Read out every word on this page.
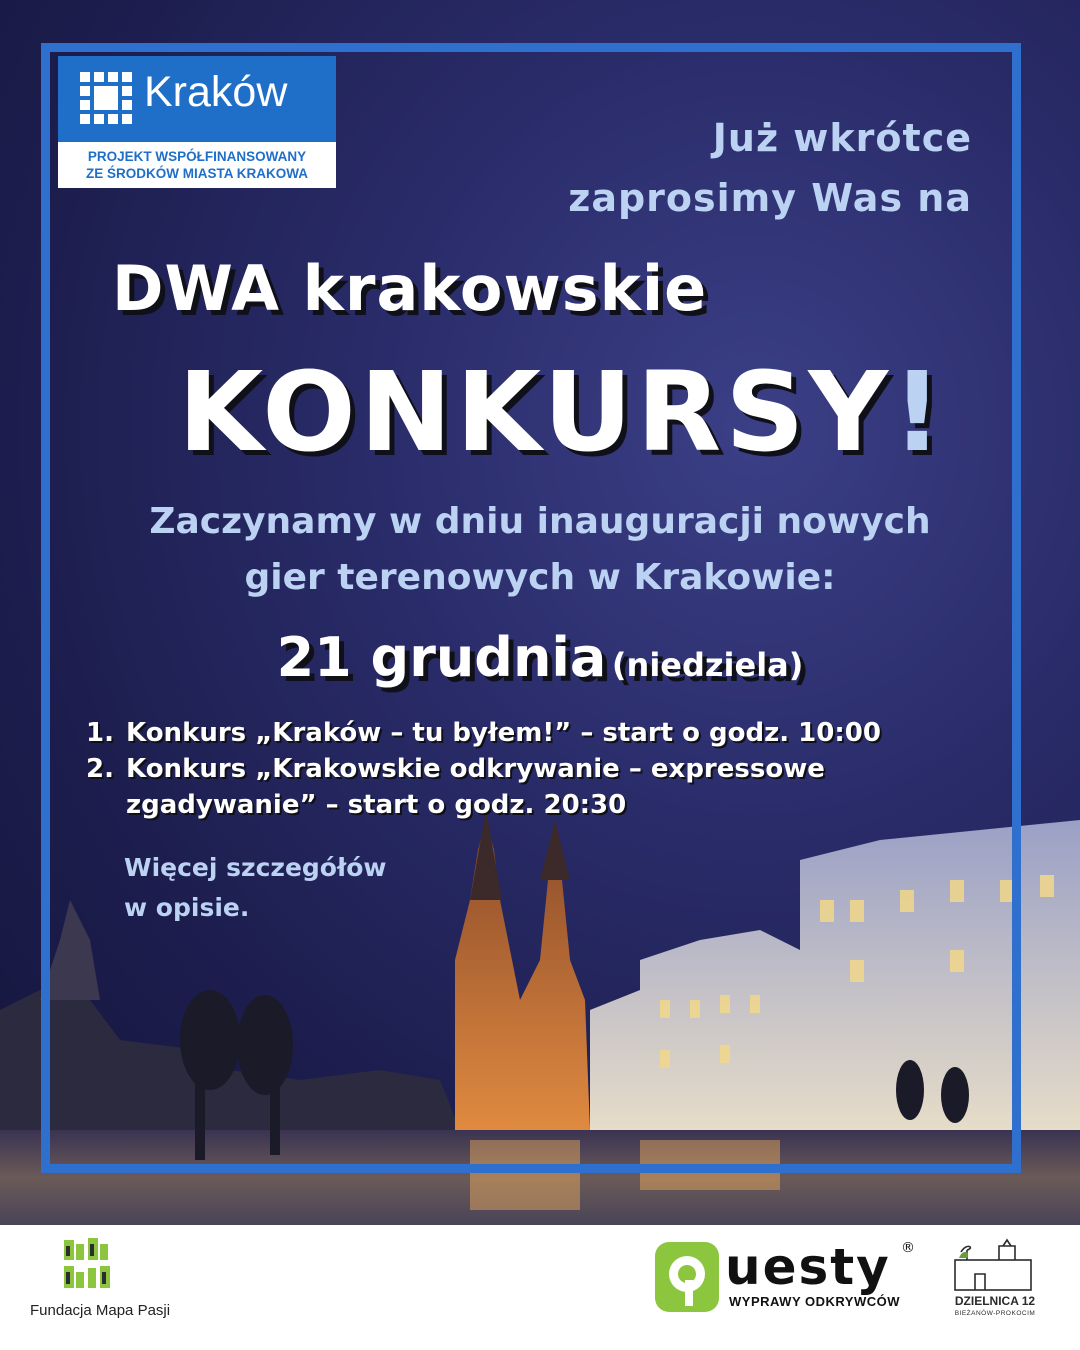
Kraków
PROJEKT WSPÓŁFINANSOWANY
ZE ŚRODKÓW MIASTA KRAKOWA
Już wkrótce
zaprosimy Was na
DWA krakowskie
KONKURSY!
Zaczynamy w dniu inauguracji nowych
gier terenowych w Krakowie:
21 grudnia (niedziela)
1. Konkurs „Kraków – tu byłem!” – start o godz. 10:00
2. Konkurs „Krakowskie odkrywanie – expressowe zgadywanie” – start o godz. 20:30
Więcej szczegółów
w opisie.
Fundacja Mapa Pasji
uesty ®
WYPRAWY ODKRYWCÓW	DZIELNICA 12
BIEŻANÓW-PROKOCIM
